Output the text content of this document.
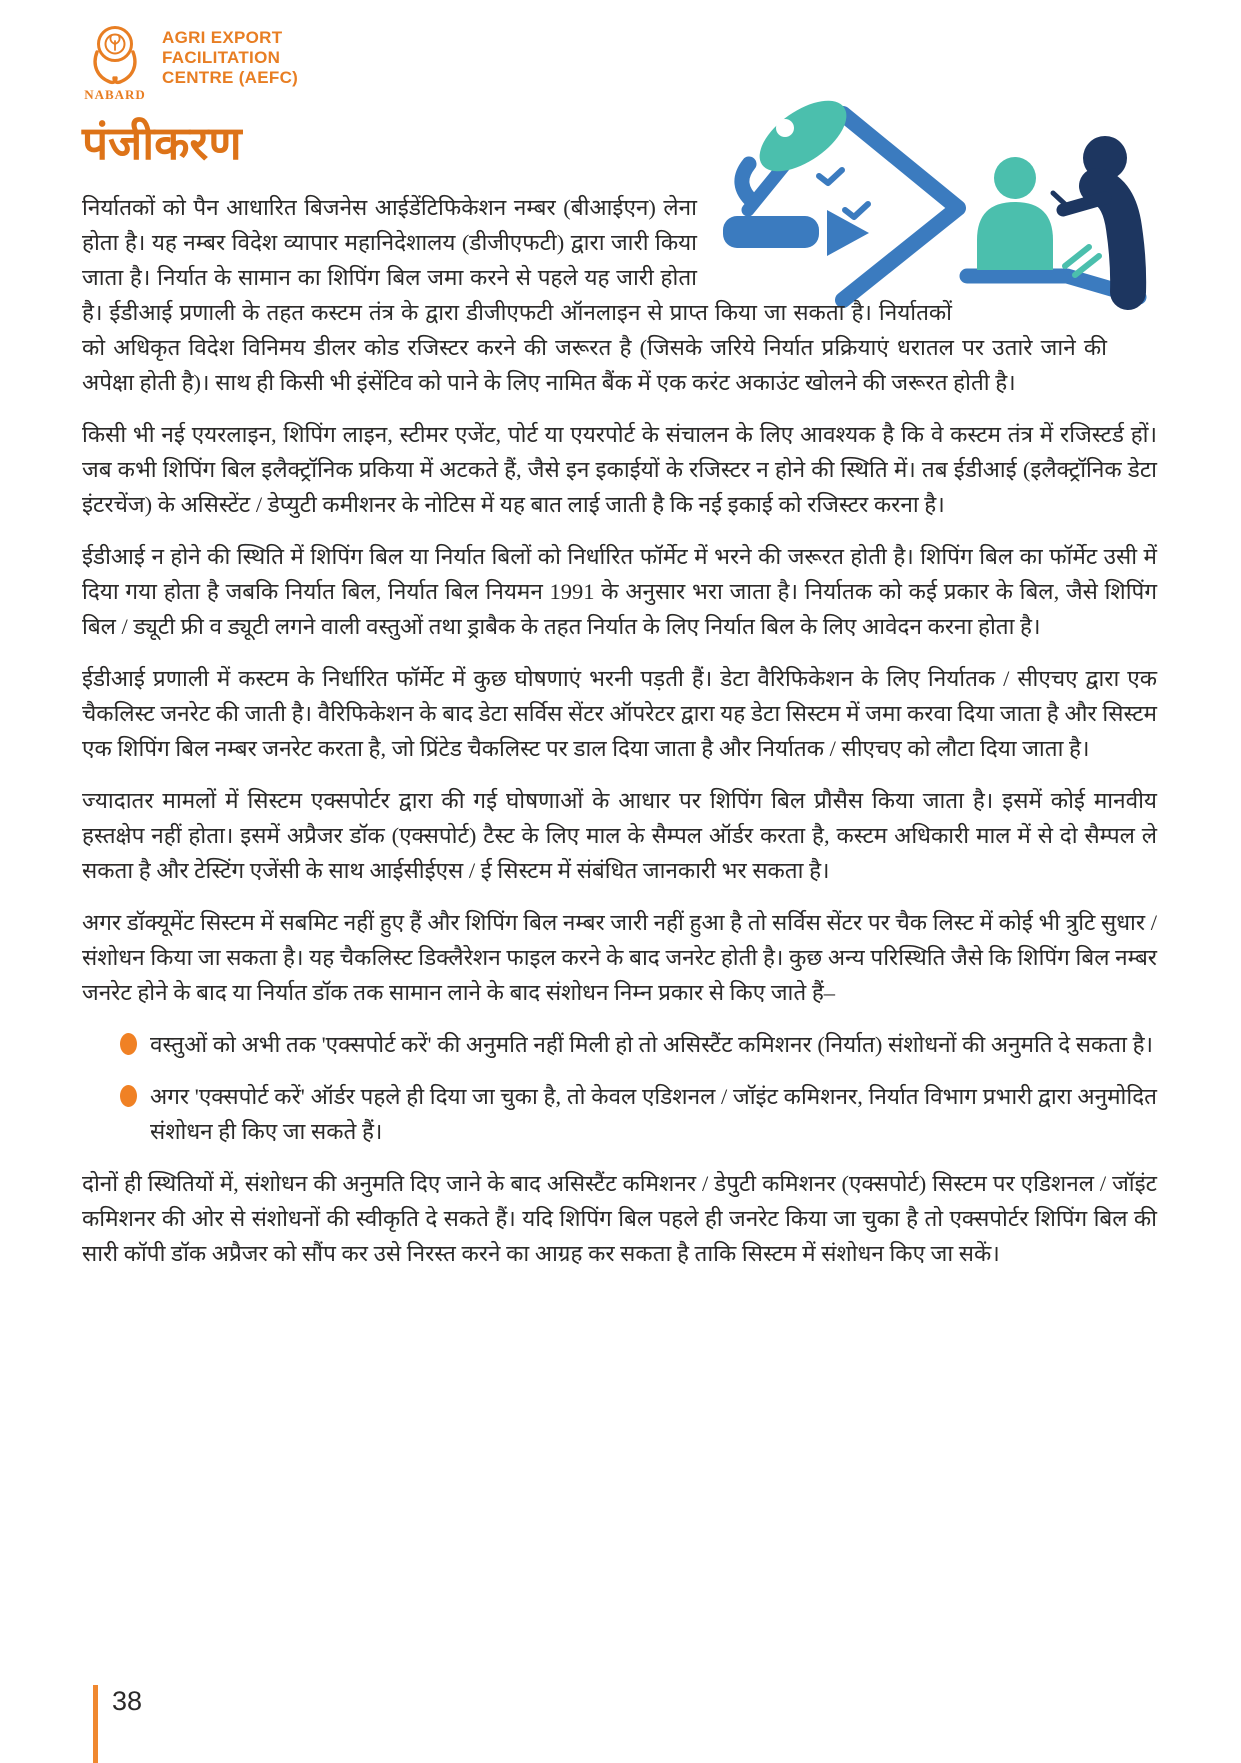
NABARD
AGRI EXPORT
FACILITATION
CENTRE (AEFC)
पंजीकरण

निर्यातकों को पैन आधारित बिजनेस आईडेंटिफिकेशन नम्बर (बीआईएन) लेना होता है। यह नम्बर विदेश व्यापार महानिदेशालय (डीजीएफटी) द्वारा जारी किया जाता है। निर्यात के सामान का शिपिंग बिल जमा करने से पहले यह जारी होता है। ईडीआई प्रणाली के तहत कस्टम तंत्र के द्वारा डीजीएफटी ऑनलाइन से प्राप्त किया जा सकता है। निर्यातकों को अधिकृत विदेश विनिमय डीलर कोड रजिस्टर करने की जरूरत है (जिसके जरिये निर्यात प्रक्रियाएं धरातल पर उतारे जाने की अपेक्षा होती है)। साथ ही किसी भी इंसेंटिव को पाने के लिए नामित बैंक में एक करंट अकाउंट खोलने की जरूरत होती है।

किसी भी नई एयरलाइन, शिपिंग लाइन, स्टीमर एजेंट, पोर्ट या एयरपोर्ट के संचालन के लिए आवश्यक है कि वे कस्टम तंत्र में रजिस्टर्ड हों। जब कभी शिपिंग बिल इलैक्ट्रॉनिक प्रकिया में अटकते हैं, जैसे इन इकाईयों के रजिस्टर न होने की स्थिति में। तब ईडीआई (इलैक्ट्रॉनिक डेटा इंटरचेंज) के असिस्टेंट / डेप्युटी कमीशनर के नोटिस में यह बात लाई जाती है कि नई इकाई को रजिस्टर करना है।

ईडीआई न होने की स्थिति में शिपिंग बिल या निर्यात बिलों को निर्धारित फॉर्मेट में भरने की जरूरत होती है। शिपिंग बिल का फॉर्मेट उसी में दिया गया होता है जबकि निर्यात बिल, निर्यात बिल नियमन 1991 के अनुसार भरा जाता है। निर्यातक को कई प्रकार के बिल, जैसे शिपिंग बिल / ड्यूटी फ्री व ड्यूटी लगने वाली वस्तुओं तथा ड्राबैक के तहत निर्यात के लिए निर्यात बिल के लिए आवेदन करना होता है।

ईडीआई प्रणाली में कस्टम के निर्धारित फॉर्मेट में कुछ घोषणाएं भरनी पड़ती हैं। डेटा वैरिफिकेशन के लिए निर्यातक / सीएचए द्वारा एक चैकलिस्ट जनरेट की जाती है। वैरिफिकेशन के बाद डेटा सर्विस सेंटर ऑपरेटर द्वारा यह डेटा सिस्टम में जमा करवा दिया जाता है और सिस्टम एक शिपिंग बिल नम्बर जनरेट करता है, जो प्रिंटेड चैकलिस्ट पर डाल दिया जाता है और निर्यातक / सीएचए को लौटा दिया जाता है।

ज्यादातर मामलों में सिस्टम एक्सपोर्टर द्वारा की गई घोषणाओं के आधार पर शिपिंग बिल प्रौसैस किया जाता है। इसमें कोई मानवीय हस्तक्षेप नहीं होता। इसमें अप्रैजर डॉक (एक्सपोर्ट) टैस्ट के लिए माल के सैम्पल ऑर्डर करता है, कस्टम अधिकारी माल में से दो सैम्पल ले सकता है और टेस्टिंग एजेंसी के साथ आईसीईएस / ई सिस्टम में संबंधित जानकारी भर सकता है।

अगर डॉक्यूमेंट सिस्टम में सबमिट नहीं हुए हैं और शिपिंग बिल नम्बर जारी नहीं हुआ है तो सर्विस सेंटर पर चैक लिस्ट में कोई भी त्रुटि सुधार / संशोधन किया जा सकता है। यह चैकलिस्ट डिक्लैरेशन फाइल करने के बाद जनरेट होती है। कुछ अन्य परिस्थिति जैसे कि शिपिंग बिल नम्बर जनरेट होने के बाद या निर्यात डॉक तक सामान लाने के बाद संशोधन निम्न प्रकार से किए जाते हैं–

वस्तुओं को अभी तक 'एक्सपोर्ट करें' की अनुमति नहीं मिली हो तो असिस्टैंट कमिशनर (निर्यात) संशोधनों की अनुमति दे सकता है।
अगर 'एक्सपोर्ट करें' ऑर्डर पहले ही दिया जा चुका है, तो केवल एडिशनल / जॉइंट कमिशनर, निर्यात विभाग प्रभारी द्वारा अनुमोदित संशोधन ही किए जा सकते हैं।

दोनों ही स्थितियों में, संशोधन की अनुमति दिए जाने के बाद असिस्टैंट कमिशनर / डेपुटी कमिशनर (एक्सपोर्ट) सिस्टम पर एडिशनल / जॉइंट कमिशनर की ओर से संशोधनों की स्वीकृति दे सकते हैं। यदि शिपिंग बिल पहले ही जनरेट किया जा चुका है तो एक्सपोर्टर शिपिंग बिल की सारी कॉपी डॉक अप्रैजर को सौंप कर उसे निरस्त करने का आग्रह कर सकता है ताकि सिस्टम में संशोधन किए जा सकें।

38
